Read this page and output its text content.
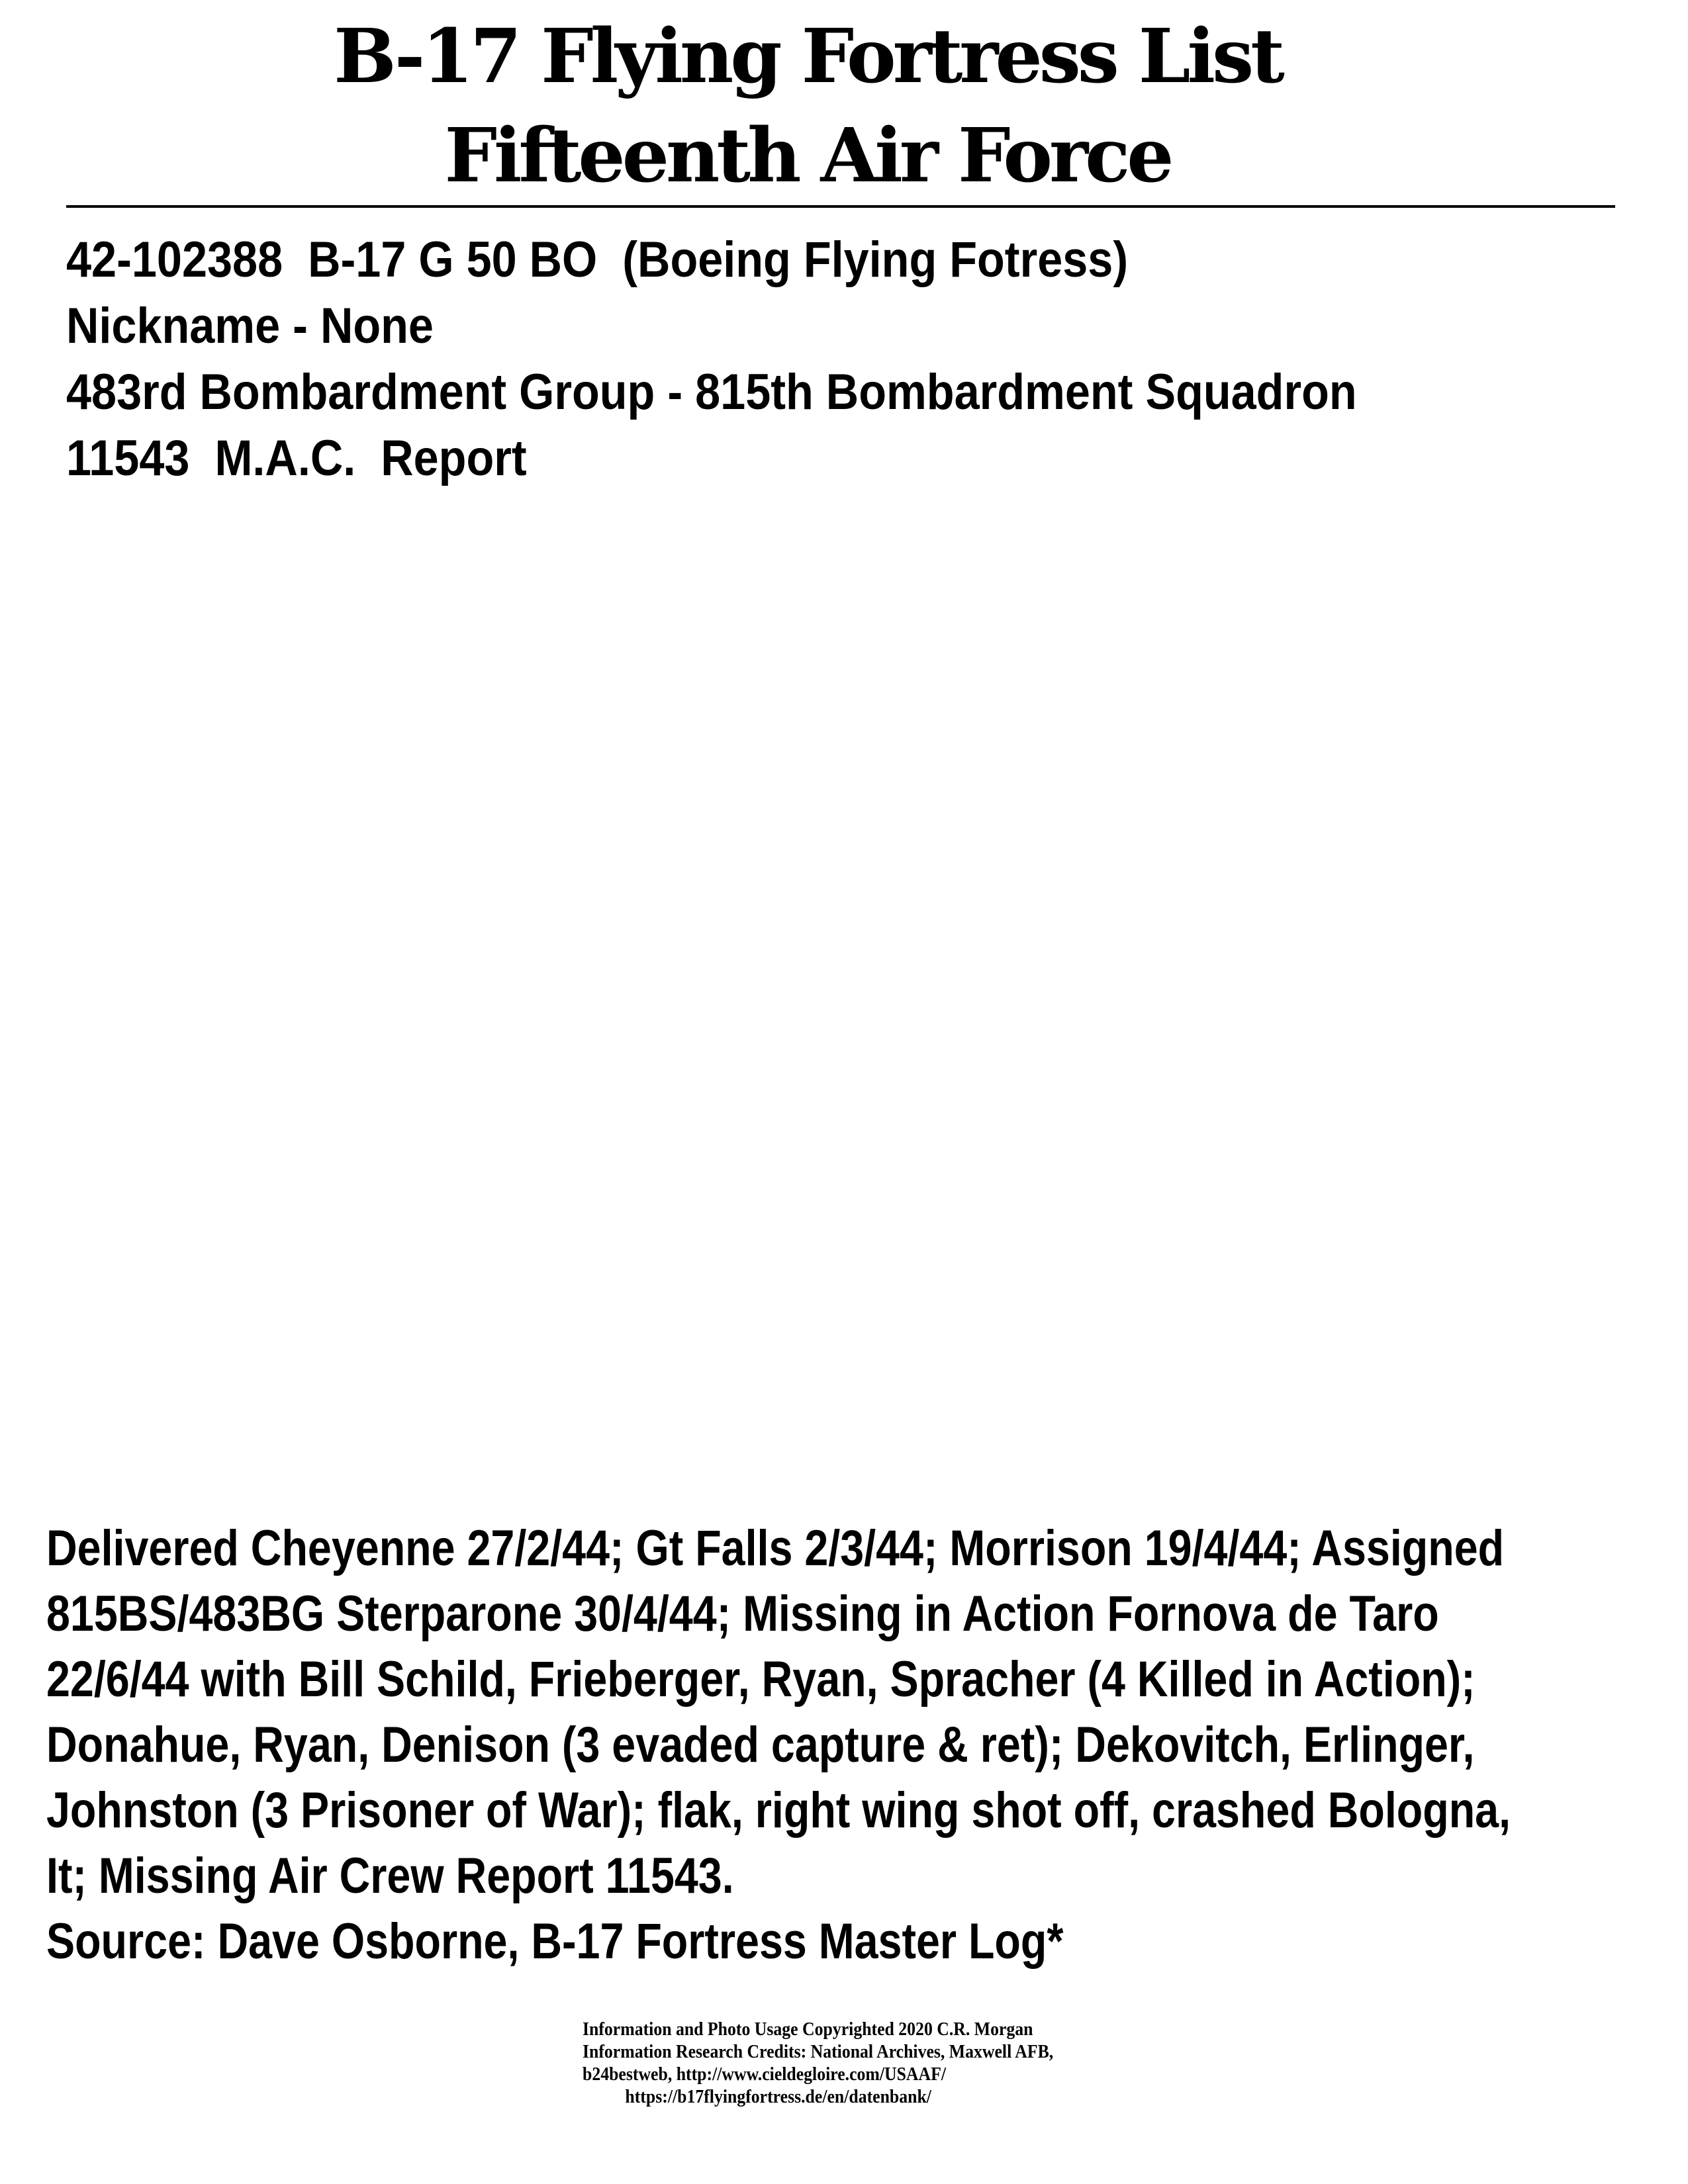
B-17 Flying Fortress List
Fifteenth Air Force
42-102388  B-17 G 50 BO  (Boeing Flying Fotress)
Nickname - None
483rd Bombardment Group - 815th Bombardment Squadron
11543  M.A.C.  Report
Delivered Cheyenne 27/2/44; Gt Falls 2/3/44; Morrison 19/4/44; Assigned
815BS/483BG Sterparone 30/4/44; Missing in Action Fornova de Taro
22/6/44 with Bill Schild, Frieberger, Ryan, Spracher (4 Killed in Action);
Donahue, Ryan, Denison (3 evaded capture & ret); Dekovitch, Erlinger,
Johnston (3 Prisoner of War); flak, right wing shot off, crashed Bologna,
It; Missing Air Crew Report 11543.
Source: Dave Osborne, B-17 Fortress Master Log*
Information and Photo Usage Copyrighted 2020 C.R. Morgan
Information Research Credits: National Archives, Maxwell AFB,
b24bestweb, http://www.cieldegloire.com/USAAF/
https://b17flyingfortress.de/en/datenbank/
